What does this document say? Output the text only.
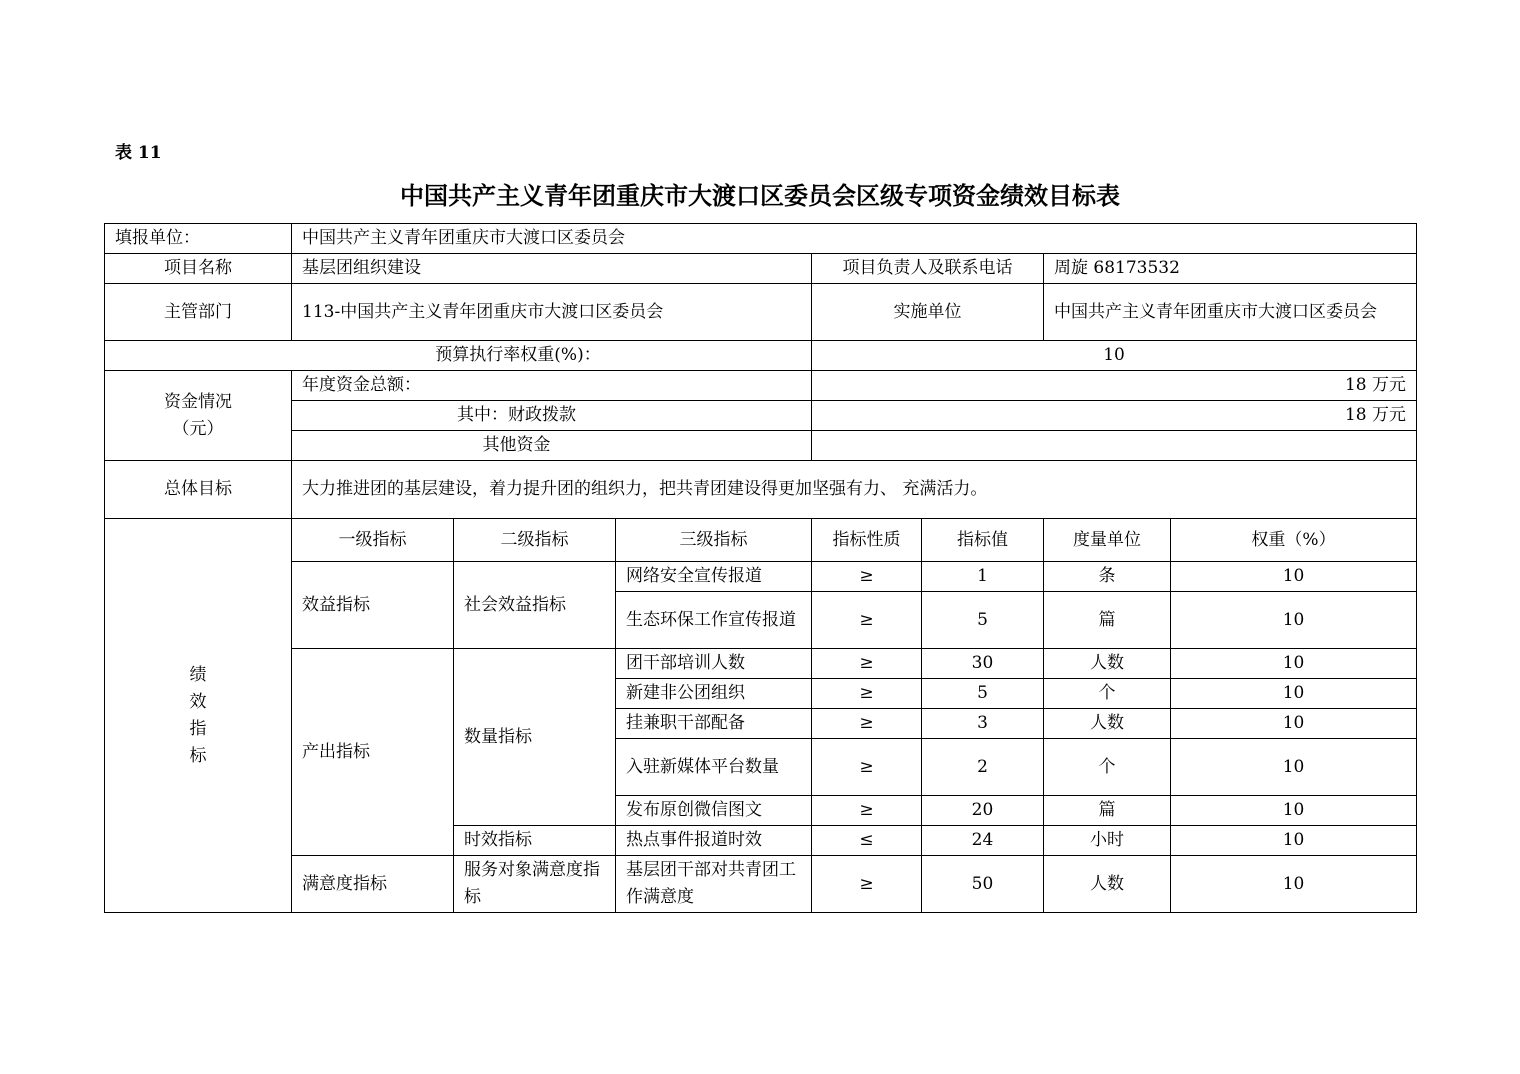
表 11
中国共产主义青年团重庆市大渡口区委员会区级专项资金绩效目标表
填报单位：	中国共产主义青年团重庆市大渡口区委员会						
项目名称	基层团组织建设			项目负责人及联系电话		周旋 68173532	
主管部门	113-中国共产主义青年团重庆市大渡口区委员会			实施单位		中国共产主义青年团重庆市大渡口区委员会	
预算执行率权重(%)：				10			

资金情况
（元）	年度资金总额：			18 万元			
	其中：财政拨款			18 万元			
	其他资金						
总体目标	大力推进团的基层建设，着力提升团的组织力，把共青团建设得更加坚强有力、 充满活力。						

绩
效
指
标	一级指标	二级指标	三级指标	指标性质	指标值	度量单位	权重（%）
	效益指标	社会效益指标	网络安全宣传报道	≥	1	条	10
			生态环保工作宣传报道	≥	5	篇	10
	产出指标	数量指标	团干部培训人数	≥	30	人数	10
			新建非公团组织	≥	5	个	10
			挂兼职干部配备	≥	3	人数	10
			入驻新媒体平台数量	≥	2	个	10
			发布原创微信图文	≥	20	篇	10
		时效指标	热点事件报道时效	≤	24	小时	10
	满意度指标	服务对象满意度指标	基层团干部对共青团工作满意度	≥	50	人数	10
